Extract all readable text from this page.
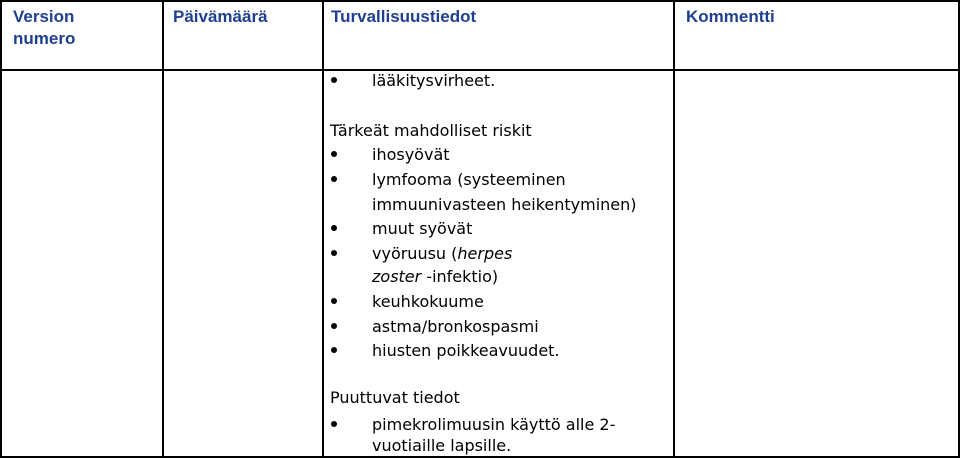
Version
numero
Päivämäärä	Turvallisuustiedot	Kommentti
lääkitysvirheet.
Tärkeät mahdolliset riskit
ihosyövät
lymfooma (systeeminen
immuunivasteen heikentyminen)
muut syövät
vyöruusu (herpes
zoster -infektio)
keuhkokuume
astma/bronkospasmi
hiusten poikkeavuudet.
Puuttuvat tiedot
pimekrolimuusin käyttö alle 2-
vuotiaille lapsille.
